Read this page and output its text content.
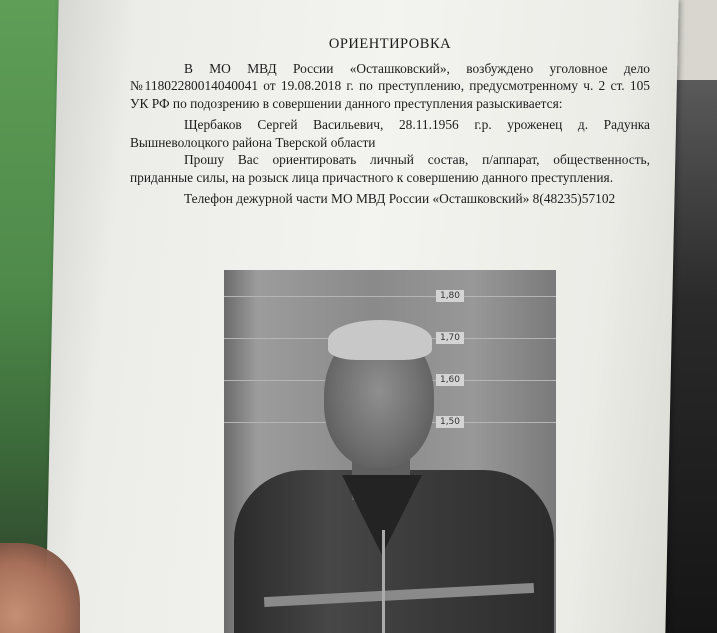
ОРИЕНТИРОВКА

В МО МВД России «Осташковский», возбуждено уголовное дело №11802280014040041 от 19.08.2018 г. по преступлению, предусмотренному ч. 2 ст. 105 УК РФ по подозрению в совершении данного преступления разыскивается:

Щербаков Сергей Васильевич, 28.11.1956 г.р. уроженец д. Радунка Вышневолоцкого района Тверской области

Прошу Вас ориентировать личный состав, п/аппарат, общественность, приданные силы, на розыск лица причастного к совершению данного преступления.

Телефон дежурной части МО МВД России «Осташковский» 8(48235)57102

1,80
1,70
1,60
1,50
